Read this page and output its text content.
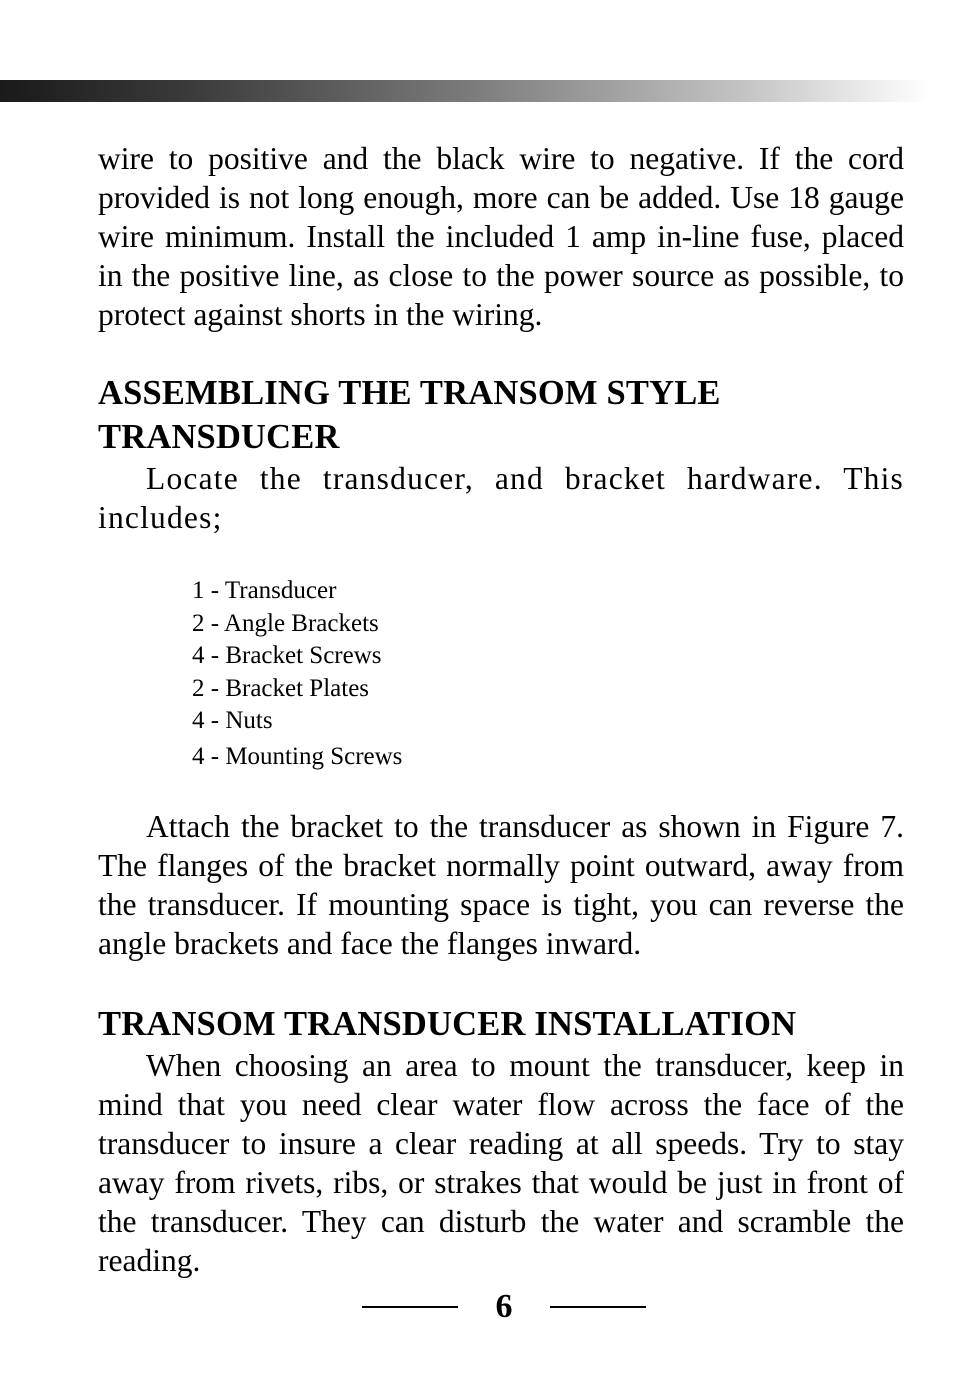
wire to positive and the black wire to negative. If the cord provided is not long enough, more can be added. Use 18 gauge wire minimum. Install the included 1 amp in-line fuse, placed in the positive line, as close to the power source as possible, to protect against shorts in the wiring.

ASSEMBLING THE TRANSOM STYLE
TRANSDUCER

Locate the transducer, and bracket hardware. This includes;

1 - Transducer
2 - Angle Brackets
4 - Bracket Screws
2 - Bracket Plates
4 - Nuts
4 - Mounting Screws

Attach the bracket to the transducer as shown in Figure 7. The flanges of the bracket normally point outward, away from the transducer. If mounting space is tight, you can reverse the angle brackets and face the flanges inward.

TRANSOM TRANSDUCER INSTALLATION

When choosing an area to mount the transducer, keep in mind that you need clear water flow across the face of the transducer to insure a clear reading at all speeds. Try to stay away from rivets, ribs, or strakes that would be just in front of the transducer. They can disturb the water and scramble the reading.

6
